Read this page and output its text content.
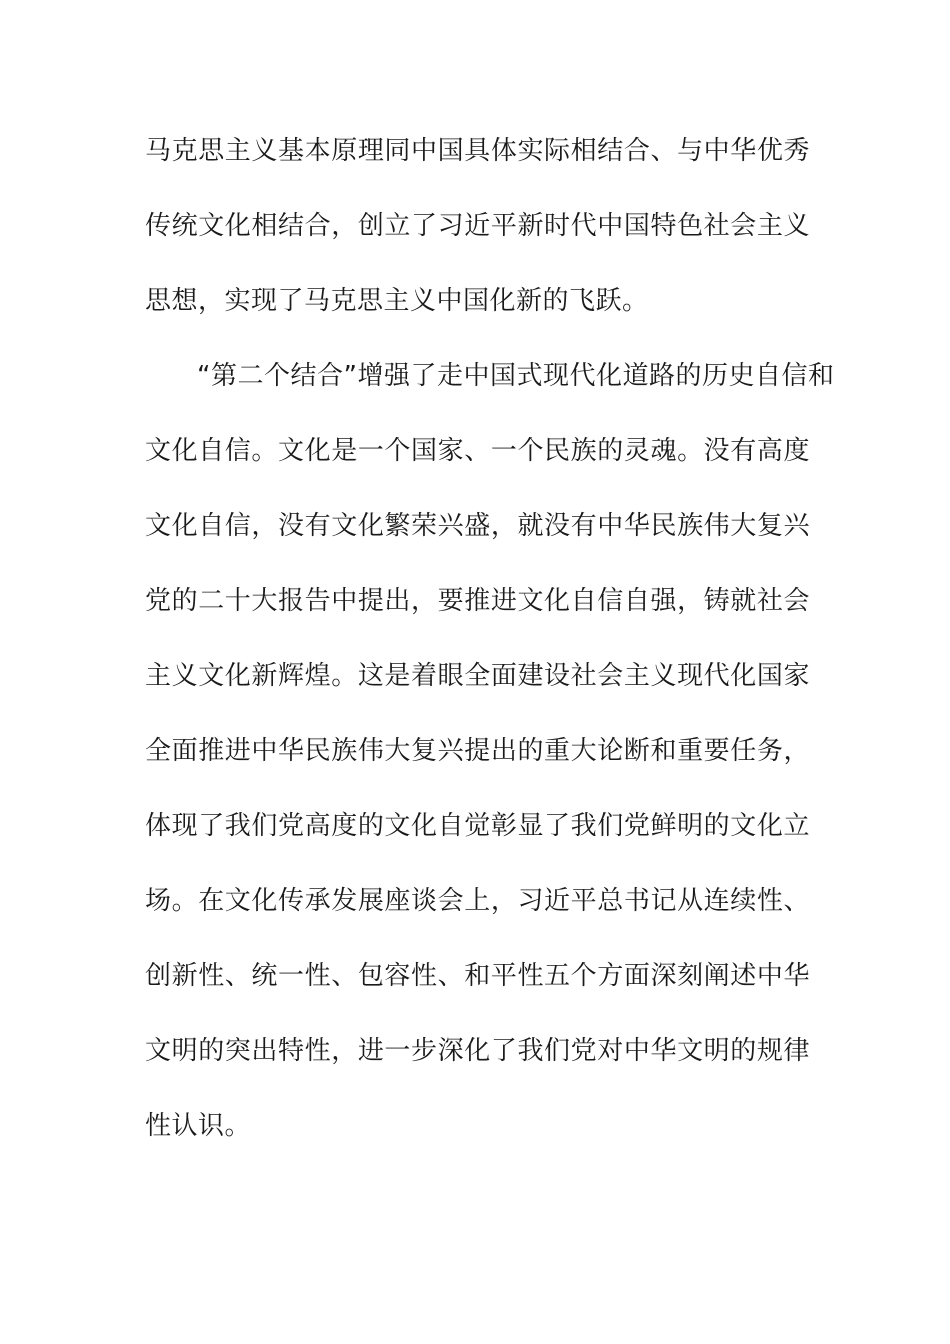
马克思主义基本原理同中国具体实际相结合、与中华优秀
传统文化相结合，创立了习近平新时代中国特色社会主义
思想，实现了马克思主义中国化新的飞跃。
“第二个结合”增强了走中国式现代化道路的历史自信和
文化自信。文化是一个国家、一个民族的灵魂。没有高度
文化自信，没有文化繁荣兴盛，就没有中华民族伟大复兴
党的二十大报告中提出，要推进文化自信自强，铸就社会
主义文化新辉煌。这是着眼全面建设社会主义现代化国家
全面推进中华民族伟大复兴提出的重大论断和重要任务，
体现了我们党高度的文化自觉彰显了我们党鲜明的文化立
场。在文化传承发展座谈会上，习近平总书记从连续性、
创新性、统一性、包容性、和平性五个方面深刻阐述中华
文明的突出特性，进一步深化了我们党对中华文明的规律
性认识。
